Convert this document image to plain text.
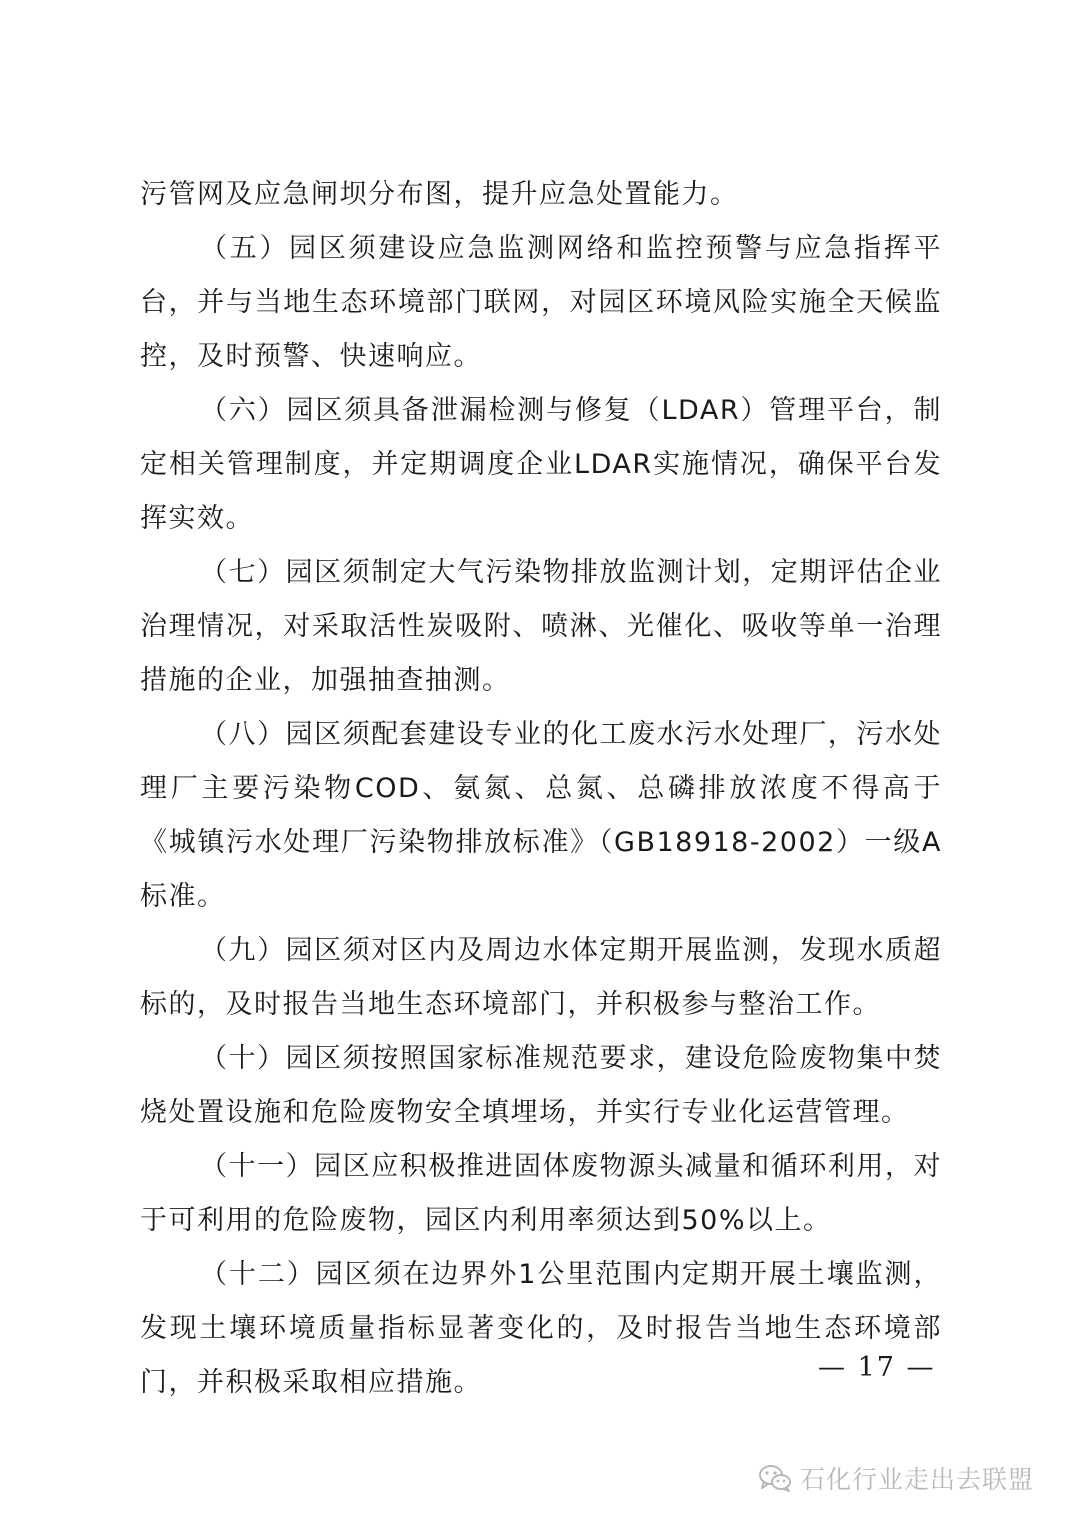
污管网及应急闸坝分布图，提升应急处置能力。

（五）园区须建设应急监测网络和监控预警与应急指挥平台，并与当地生态环境部门联网，对园区环境风险实施全天候监控，及时预警、快速响应。

（六）园区须具备泄漏检测与修复（LDAR）管理平台，制定相关管理制度，并定期调度企业LDAR实施情况，确保平台发挥实效。

（七）园区须制定大气污染物排放监测计划，定期评估企业治理情况，对采取活性炭吸附、喷淋、光催化、吸收等单一治理措施的企业，加强抽查抽测。

（八）园区须配套建设专业的化工废水污水处理厂，污水处理厂主要污染物COD、氨氮、总氮、总磷排放浓度不得高于《城镇污水处理厂污染物排放标准》（GB18918-2002）一级A标准。

（九）园区须对区内及周边水体定期开展监测，发现水质超标的，及时报告当地生态环境部门，并积极参与整治工作。

（十）园区须按照国家标准规范要求，建设危险废物集中焚烧处置设施和危险废物安全填埋场，并实行专业化运营管理。

（十一）园区应积极推进固体废物源头减量和循环利用，对于可利用的危险废物，园区内利用率须达到50%以上。

（十二）园区须在边界外1公里范围内定期开展土壤监测，发现土壤环境质量指标显著变化的，及时报告当地生态环境部门，并积极采取相应措施。	— 17 —
石化行业走出去联盟
